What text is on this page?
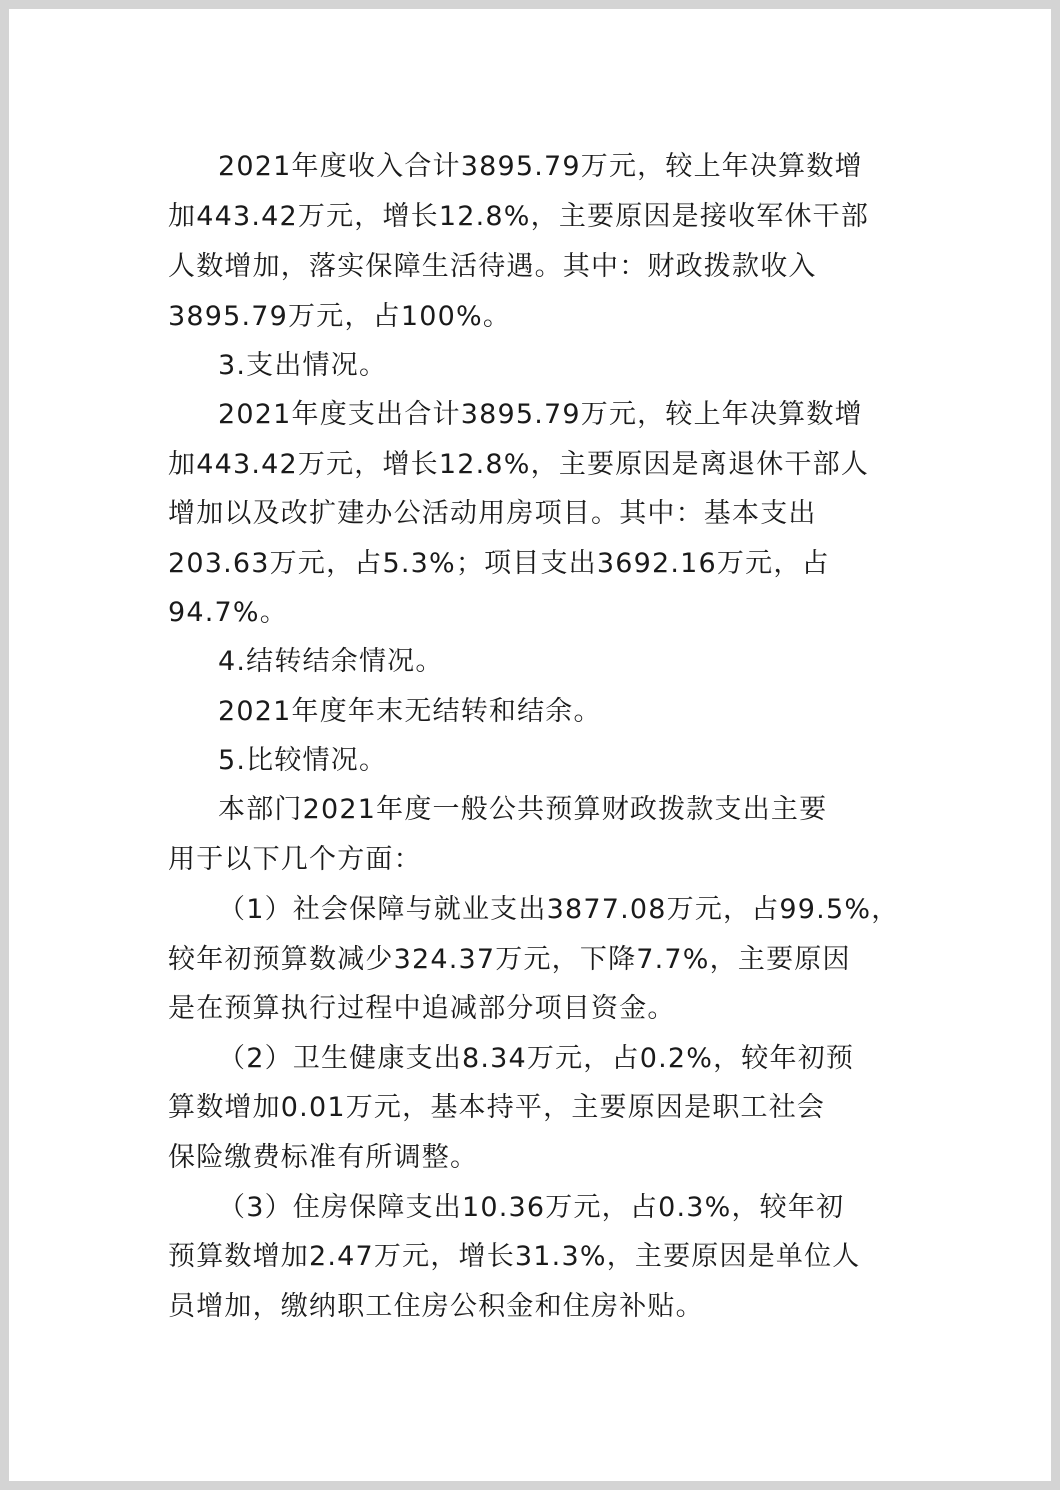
2021年度收入合计3895.79万元，较上年决算数增
加443.42万元，增长12.8%，主要原因是接收军休干部
人数增加，落实保障生活待遇。其中：财政拨款收入
3895.79万元，占100%。
3.支出情况。
2021年度支出合计3895.79万元，较上年决算数增
加443.42万元，增长12.8%，主要原因是离退休干部人
增加以及改扩建办公活动用房项目。其中：基本支出
203.63万元，占5.3%；项目支出3692.16万元，占
94.7%。
4.结转结余情况。
2021年度年末无结转和结余。
5.比较情况。
本部门2021年度一般公共预算财政拨款支出主要
用于以下几个方面：
（1）社会保障与就业支出3877.08万元，占99.5%，
较年初预算数减少324.37万元，下降7.7%，主要原因
是在预算执行过程中追减部分项目资金。
（2）卫生健康支出8.34万元，占0.2%，较年初预
算数增加0.01万元，基本持平，主要原因是职工社会
保险缴费标准有所调整。
（3）住房保障支出10.36万元，占0.3%，较年初
预算数增加2.47万元，增长31.3%，主要原因是单位人
员增加，缴纳职工住房公积金和住房补贴。
